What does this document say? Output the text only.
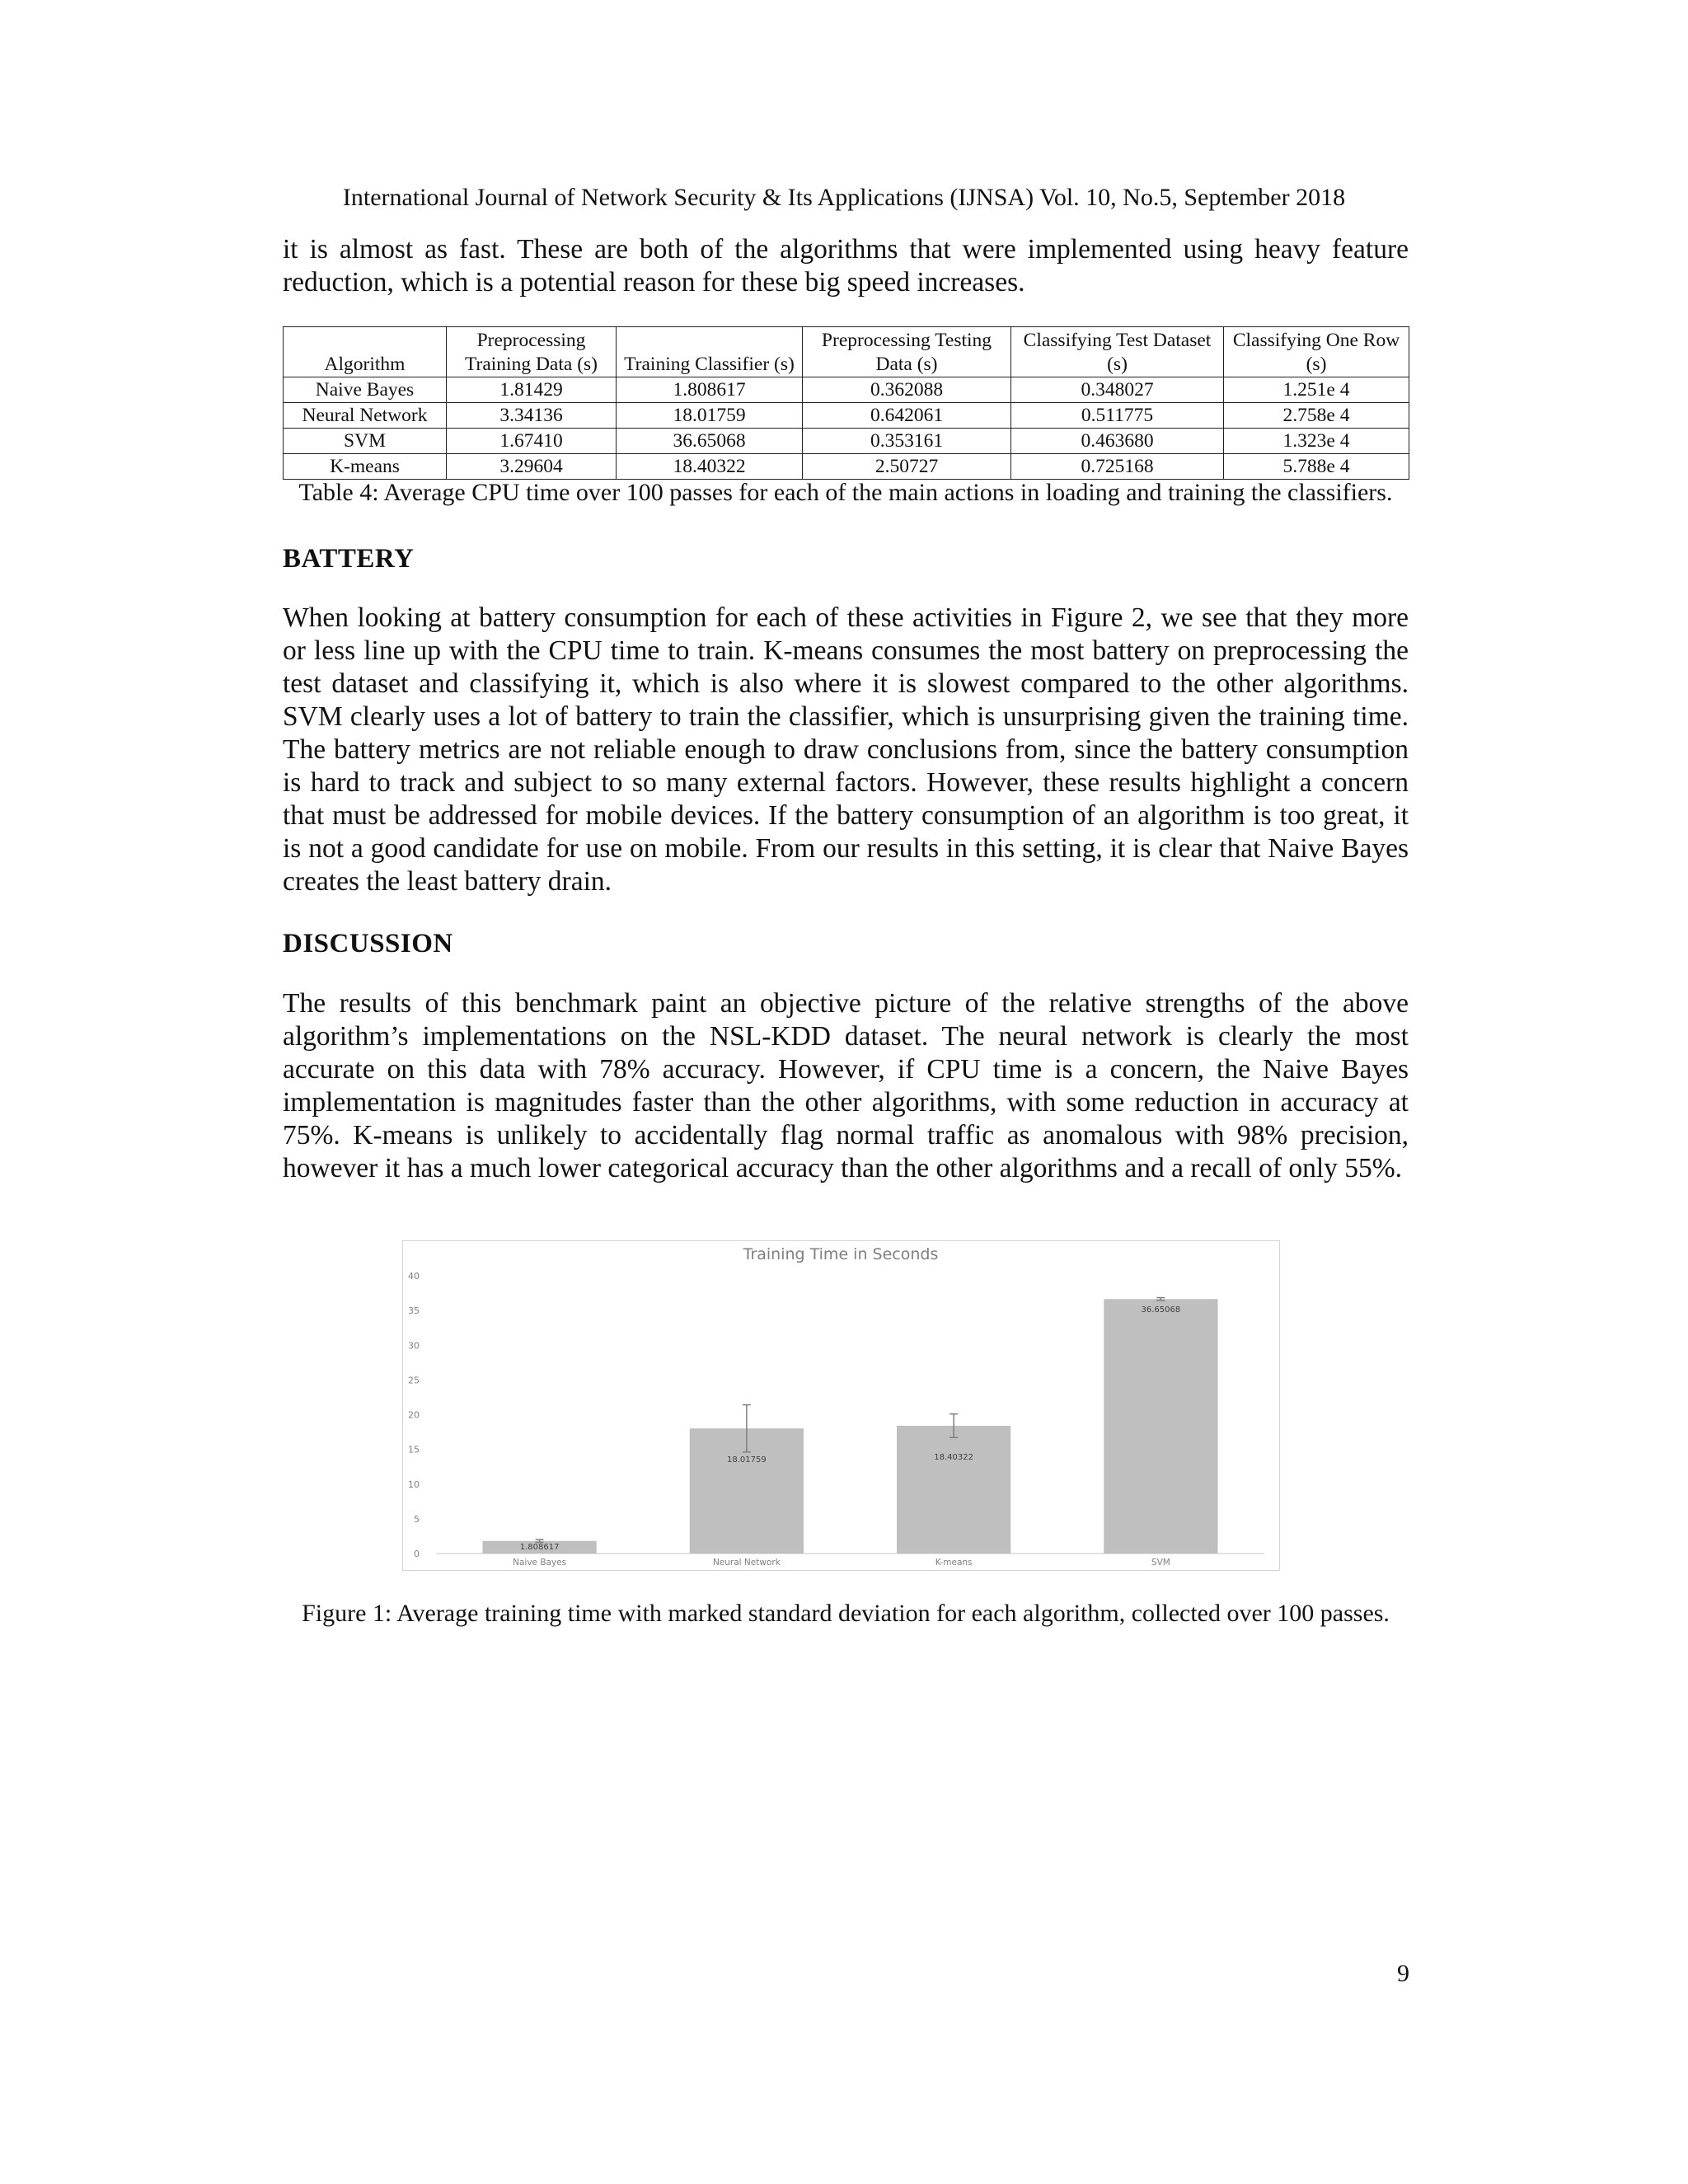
International Journal of Network Security & Its Applications (IJNSA) Vol. 10, No.5, September 2018

it is almost as fast. These are both of the algorithms that were implemented using heavy feature reduction, which is a potential reason for these big speed increases.

Algorithm	Preprocessing Training Data (s)	Training Classifier (s)	Preprocessing Testing Data (s)	Classifying Test Dataset (s)	Classifying One Row (s)
Naive Bayes	1.81429	1.808617	0.362088	0.348027	1.251e 4
Neural Network	3.34136	18.01759	0.642061	0.511775	2.758e 4
SVM	1.67410	36.65068	0.353161	0.463680	1.323e 4
K-means	3.29604	18.40322	2.50727	0.725168	5.788e 4
Table 4: Average CPU time over 100 passes for each of the main actions in loading and training the classifiers.
BATTERY

When looking at battery consumption for each of these activities in Figure 2, we see that they more or less line up with the CPU time to train. K-means consumes the most battery on preprocessing the test dataset and classifying it, which is also where it is slowest compared to the other algorithms. SVM clearly uses a lot of battery to train the classifier, which is unsurprising given the training time. The battery metrics are not reliable enough to draw conclusions from, since the battery consumption is hard to track and subject to so many external factors. However, these results highlight a concern that must be addressed for mobile devices. If the battery consumption of an algorithm is too great, it is not a good candidate for use on mobile. From our results in this setting, it is clear that Naive Bayes creates the least battery drain.

DISCUSSION

The results of this benchmark paint an objective picture of the relative strengths of the above algorithm’s implementations on the NSL-KDD dataset. The neural network is clearly the most accurate on this data with 78% accuracy. However, if CPU time is a concern, the Naive Bayes implementation is magnitudes faster than the other algorithms, with some reduction in accuracy at 75%. K-means is unlikely to accidentally flag normal traffic as anomalous with 98% precision, however it has a much lower categorical accuracy than the other algorithms and a recall of only 55%.

Training Time in Seconds
0
5
10
15
20
25
30
35
40
1.808617
18.01759	18.40322
36.65068
Naive Bayes	Neural Network	K-means	SVM
Figure 1: Average training time with marked standard deviation for each algorithm, collected over 100 passes.
9
